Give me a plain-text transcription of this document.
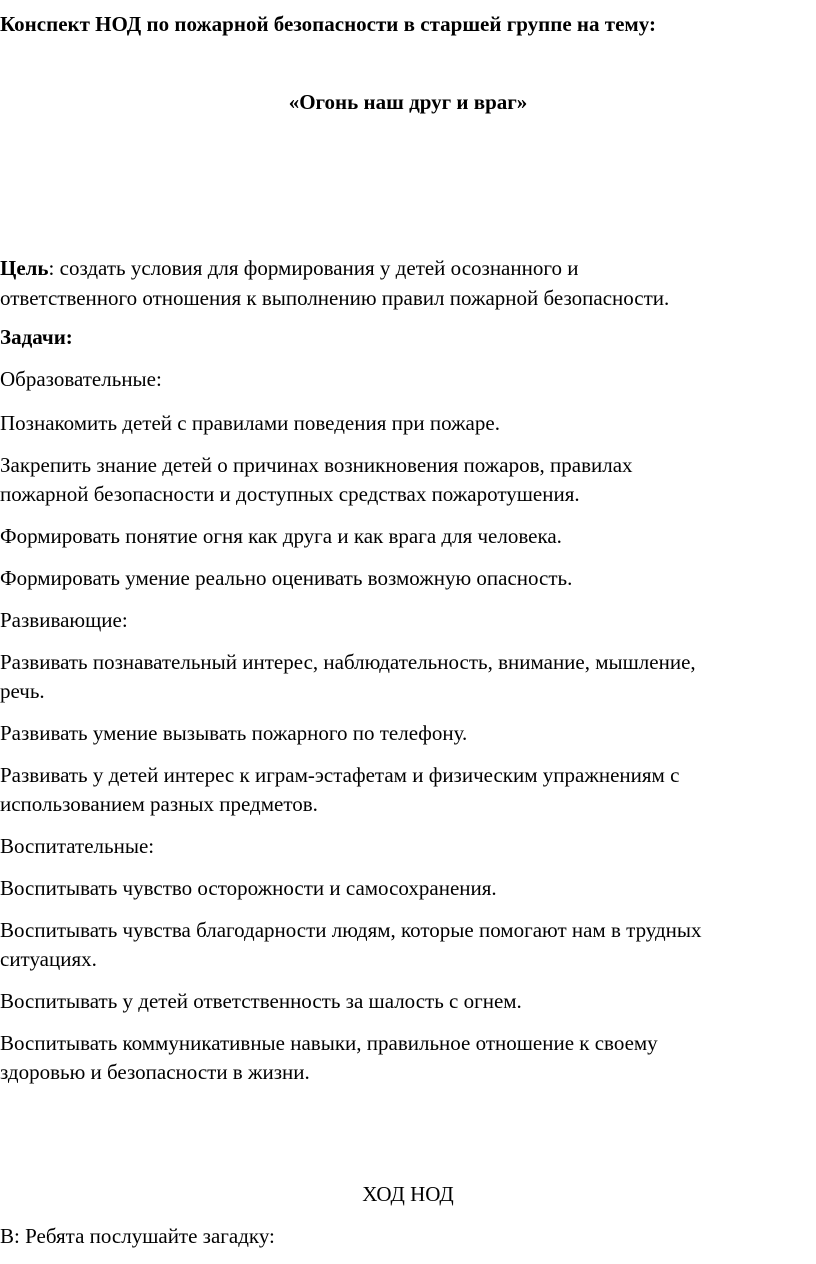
Конспект НОД по пожарной безопасности в старшей группе на тему:
«Огонь наш друг и враг»

Цель: создать условия для формирования у детей осознанного и

ответственного отношения к выполнению правил пожарной безопасности.

Задачи:

Образовательные:

Познакомить детей с правилами поведения при пожаре.

Закрепить знание детей о причинах возникновения пожаров, правилах

пожарной безопасности и доступных средствах пожаротушения.

Формировать понятие огня как друга и как врага для человека.

Формировать умение реально оценивать возможную опасность.

Развивающие:

Развивать познавательный интерес, наблюдательность, внимание, мышление,

речь.

Развивать умение вызывать пожарного по телефону.

Развивать у детей интерес к играм-эстафетам и физическим упражнениям с

использованием разных предметов.

Воспитательные:

Воспитывать чувство осторожности и самосохранения.

Воспитывать чувства благодарности людям, которые помогают нам в трудных

ситуациях.

Воспитывать у детей ответственность за шалость с огнем.

Воспитывать коммуникативные навыки, правильное отношение к своему

здоровью и безопасности в жизни.

ХОД НОД

В: Ребята послушайте загадку:
